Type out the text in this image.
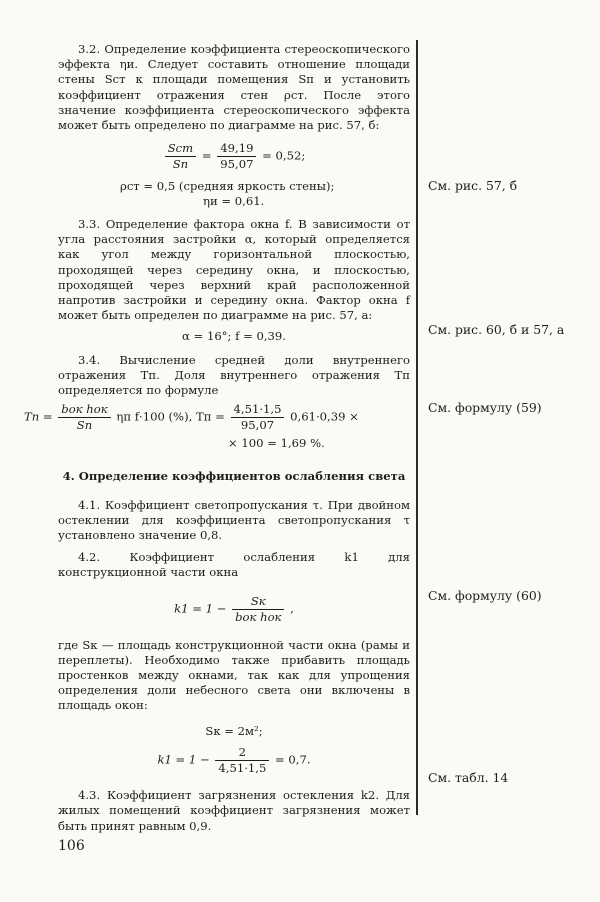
3.2. Определение коэффициента стереоскопического эффекта ηи. Следует составить отношение площади стены Sст к площади помещения Sп и установить коэффициент отражения стен ρст. После этого значение коэффициента стереоскопического эффекта может быть определено по диаграмме на рис. 57, б:

$\frac{\text{Sст}}{Sп} = \frac{49,19}{95,07} = 0,52$;
ρст = 0,5 (средняя яркость стены);
ηи = 0,61.

3.3. Определение фактора окна f. В зависимости от угла расстояния застройки α, который определяется как угол между горизонтальной плоскостью, проходящей через середину окна, и плоскостью, проходящей через верхний край расположенной напротив застройки и середину окна. Фактор окна f может быть определен по диаграмме на рис. 57, а:

α = 16°; f = 0,39.

3.4. Вычисление средней доли внутреннего отражения Tп. Доля внутреннего отражения Tп определяется по формуле

Tп = $\frac{\text{bок hок}}{Sп}$ ηп f·100 (%), Tп = $\frac{4,51\cdot 1,5}{95,07} 0,61\cdot 0,39$ ×
× 100 = 1,69 %.

4. Определение коэффициентов ослабления света

4.1. Коэффициент светопропускания τ. При двойном остеклении для коэффициента светопропускания τ установлено значение 0,8.

4.2. Коэффициент ослабления k1 для конструкционной части окна

$k1 = 1 - \frac{Sк}{\text{bок hок}}$ ,

где Sк — площадь конструкционной части окна (рамы и переплеты). Необходимо также прибавить площадь простенков между окнами, так как для упрощения определения доли небесного света они включены в площадь окон:

Sк = 2м²;
$k1 = 1 - \frac{2}{4,51\cdot 1,5} = 0,7$.

4.3. Коэффициент загрязнения остекления k2. Для жилых помещений коэффициент загрязнения может быть принят равным 0,9.

См. рис. 57, б
См. рис. 60, б и 57, а
См. формулу (59)
См. формулу (60)
См. табл. 14
106
